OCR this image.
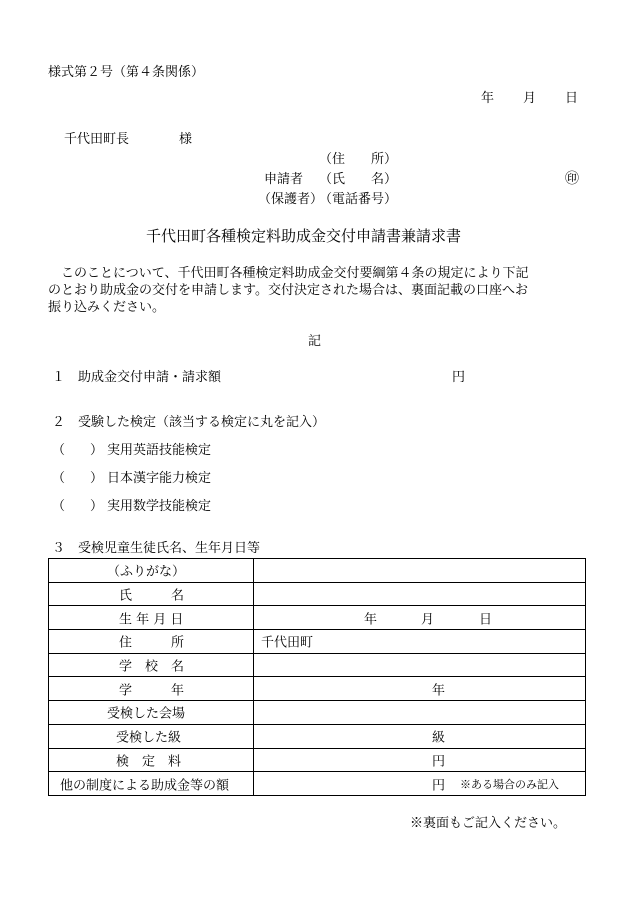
様式第２号（第４条関係）
年 月 日
千代田町長	様
（住　　所）
申請者 （氏　　名）	㊞
（保護者）
（電話番号）
千代田町各種検定料助成金交付申請書兼請求書
　このことについて、千代田町各種検定料助成金交付要綱第４条の規定により下記
のとおり助成金の交付を申請します。交付決定された場合は、裏面記載の口座へお
振り込みください。
記
１ 助成金交付申請・請求額	円
２ 受験した検定（該当する検定に丸を記入）
（ ） 実用英語技能検定
（ ） 日本漢字能力検定
（ ） 実用数学技能検定
３ 受検児童生徒氏名、生年月日等
（ふりがな）	

氏　　　名	

生 年 月 日	年 月 日

住　　　所	千代田町

学　校　名	

学　　　年	年

受検した会場	

受検した級	級

検　定　料	円

他の制度による助成金等の額	円 ※ある場合のみ記入
※裏面もご記入ください。
